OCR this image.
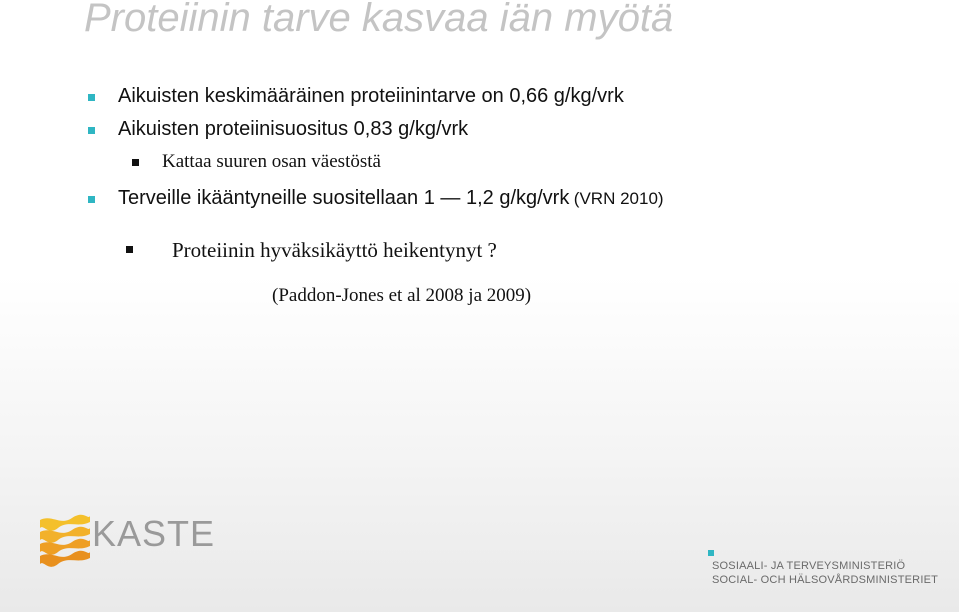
Proteiinin tarve kasvaa iän myötä
Aikuisten keskimääräinen proteiinintarve on 0,66 g/kg/vrk
Aikuisten proteiinisuositus 0,83 g/kg/vrk
Kattaa suuren osan väestöstä
Terveille ikääntyneille suositellaan 1 — 1,2 g/kg/vrk (VRN 2010)
Proteiinin hyväksikäyttö heikentynyt ?
(Paddon-Jones et al 2008 ja 2009)
KASTE
SOSIAALI- JA TERVEYSMINISTERIÖ
SOCIAL- OCH HÄLSOVÅRDSMINISTERIET
